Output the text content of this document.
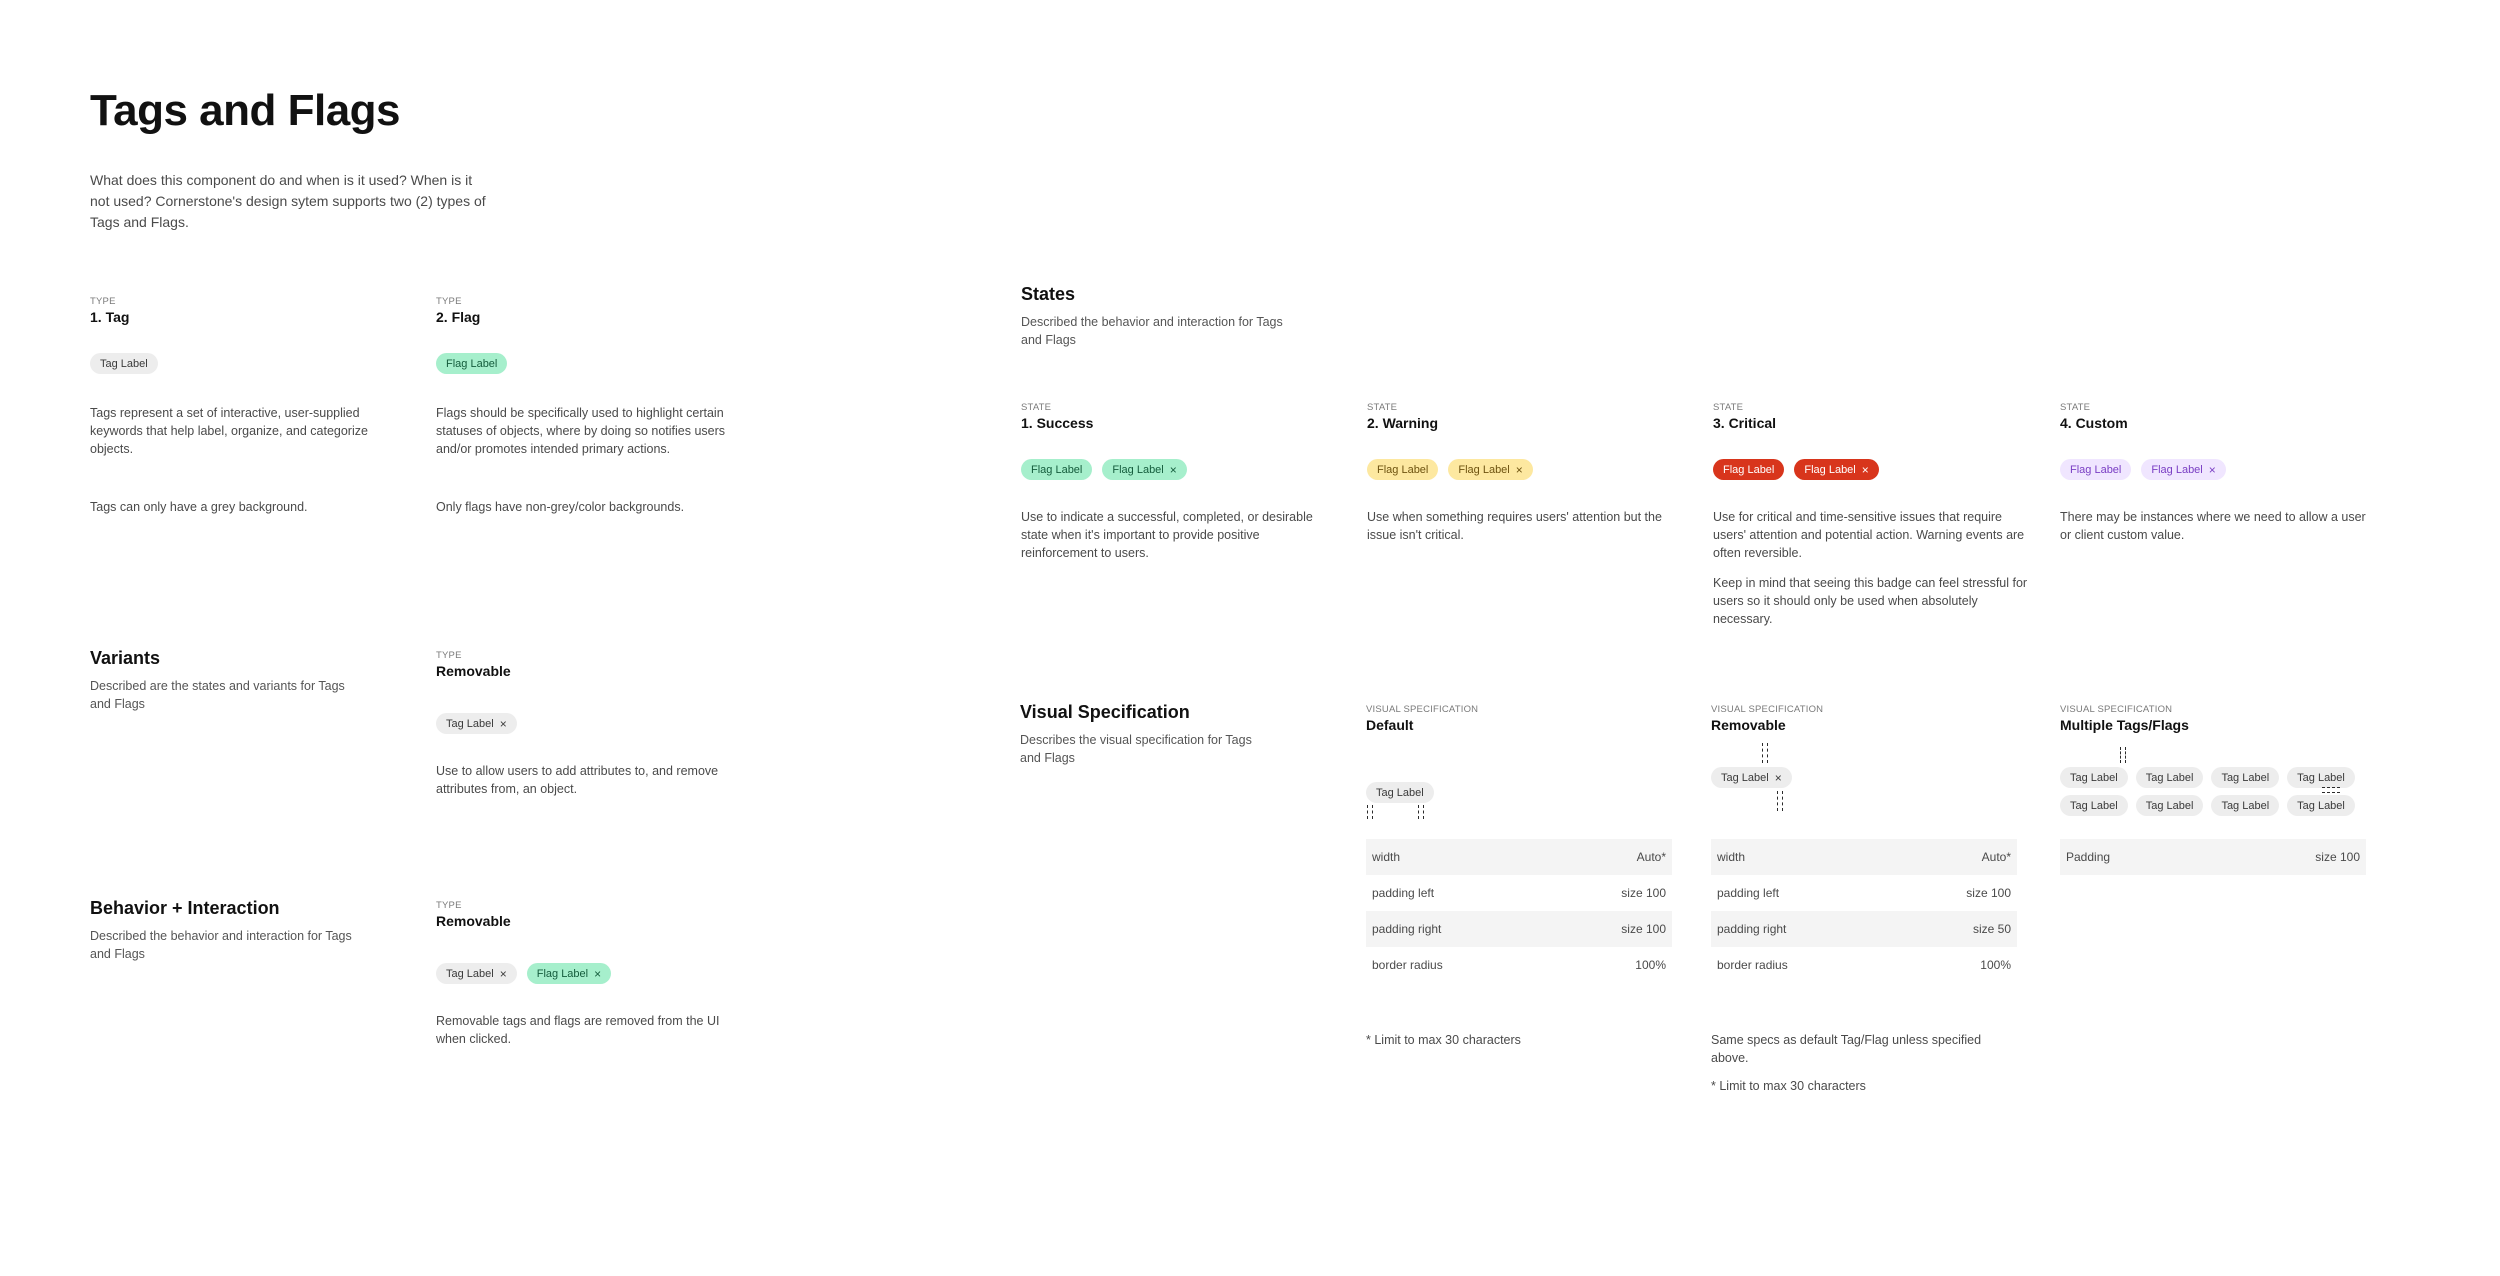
Tags and Flags
What does this component do and when is it used? When is it not used? Cornerstone's design sytem supports two (2) types of Tags and Flags.
TYPE
1. Tag
Tag Label
Tags represent a set of interactive, user-supplied keywords that help label, organize, and categorize objects.
Tags can only have a grey background.
TYPE
2. Flag
Flag Label
Flags should be specifically used to highlight certain statuses of objects, where by doing so notifies users and/or promotes intended primary actions.
Only flags have non-grey/color backgrounds.
Variants
Described are the states and variants for Tags and Flags
TYPE
Removable
Tag Label ×
Use to allow users to add attributes to, and remove attributes from, an object.
Behavior + Interaction
Described the behavior and interaction for Tags and Flags
TYPE
Removable
Tag Label ×	Flag Label ×
Removable tags and flags are removed from the UI when clicked.
States
Described the behavior and interaction for Tags and Flags
STATE
1. Success
Flag Label	Flag Label ×
Use to indicate a successful, completed, or desirable state when it's important to provide positive reinforcement to users.
STATE
2. Warning
Flag Label	Flag Label ×
Use when something requires users' attention but the issue isn't critical.
STATE
3. Critical
Flag Label	Flag Label ×
Use for critical and time-sensitive issues that require users' attention and potential action. Warning events are often reversible.
Keep in mind that seeing this badge can feel stressful for users so it should only be used when absolutely necessary.
STATE
4. Custom
Flag Label	Flag Label ×
There may be instances where we need to allow a user or client custom value.
Visual Specification
Describes the visual specification for Tags and Flags
VISUAL SPECIFICATION
Default
Tag Label
width	Auto*
padding left	size 100
padding right	size 100
border radius	100%
* Limit to max 30 characters
VISUAL SPECIFICATION
Removable
Tag Label ×
width	Auto*
padding left	size 100
padding right	size 50
border radius	100%
Same specs as default Tag/Flag unless specified above.
* Limit to max 30 characters
VISUAL SPECIFICATION
Multiple Tags/Flags
Tag Label	Tag Label	Tag Label	Tag Label
Tag Label	Tag Label	Tag Label	Tag Label
Padding	size 100
